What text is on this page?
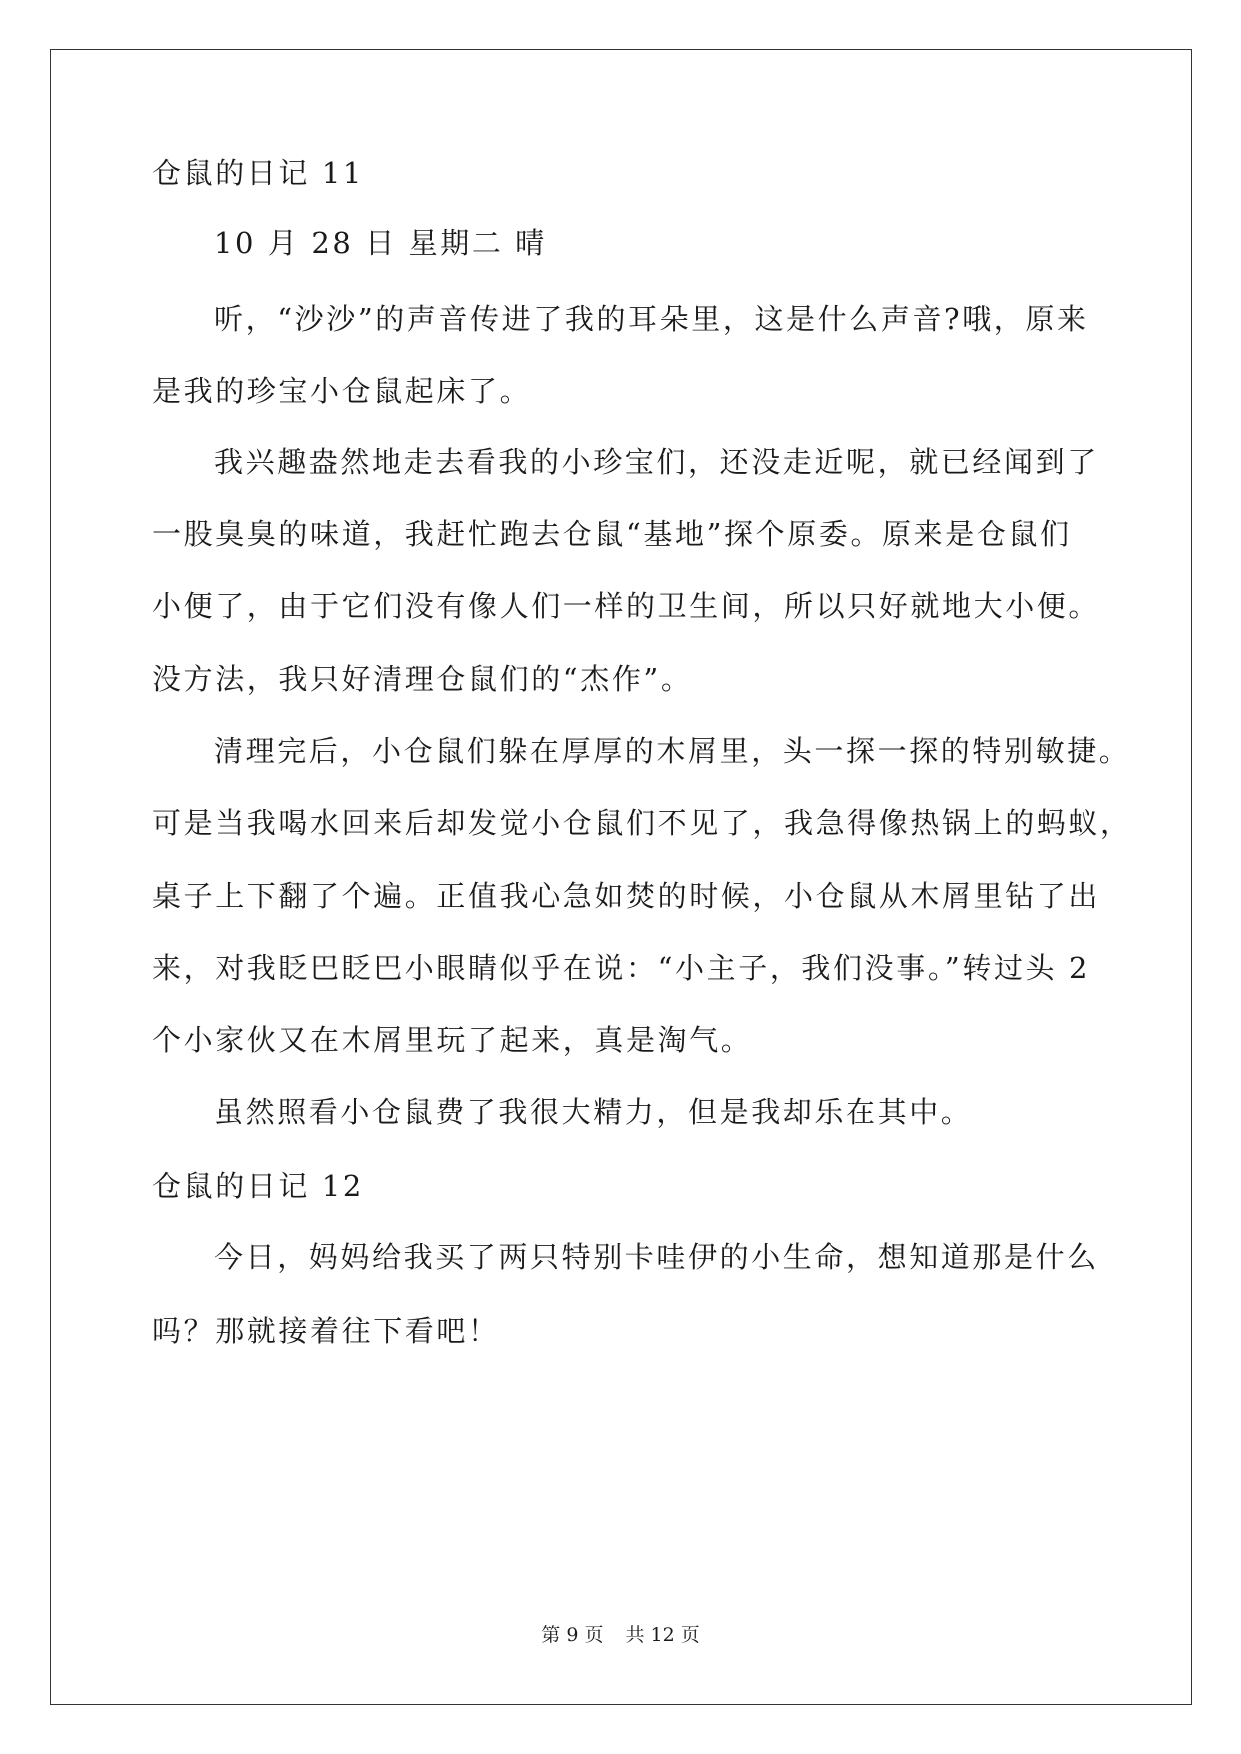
仓鼠的日记 11
10 月 28 日 星期二 晴
听，“沙沙”的声音传进了我的耳朵里，这是什么声音?哦，原来
是我的珍宝小仓鼠起床了。
我兴趣盎然地走去看我的小珍宝们，还没走近呢，就已经闻到了
一股臭臭的味道，我赶忙跑去仓鼠“基地”探个原委。原来是仓鼠们
小便了，由于它们没有像人们一样的卫生间，所以只好就地大小便。
没方法，我只好清理仓鼠们的“杰作”。
清理完后，小仓鼠们躲在厚厚的木屑里，头一探一探的特别敏捷。
可是当我喝水回来后却发觉小仓鼠们不见了，我急得像热锅上的蚂蚁，
桌子上下翻了个遍。正值我心急如焚的时候，小仓鼠从木屑里钻了出
来，对我眨巴眨巴小眼睛似乎在说：“小主子，我们没事。”转过头 2
个小家伙又在木屑里玩了起来，真是淘气。
虽然照看小仓鼠费了我很大精力，但是我却乐在其中。
仓鼠的日记 12
今日，妈妈给我买了两只特别卡哇伊的小生命，想知道那是什么
吗？那就接着往下看吧！
第 9 页 共 12 页
